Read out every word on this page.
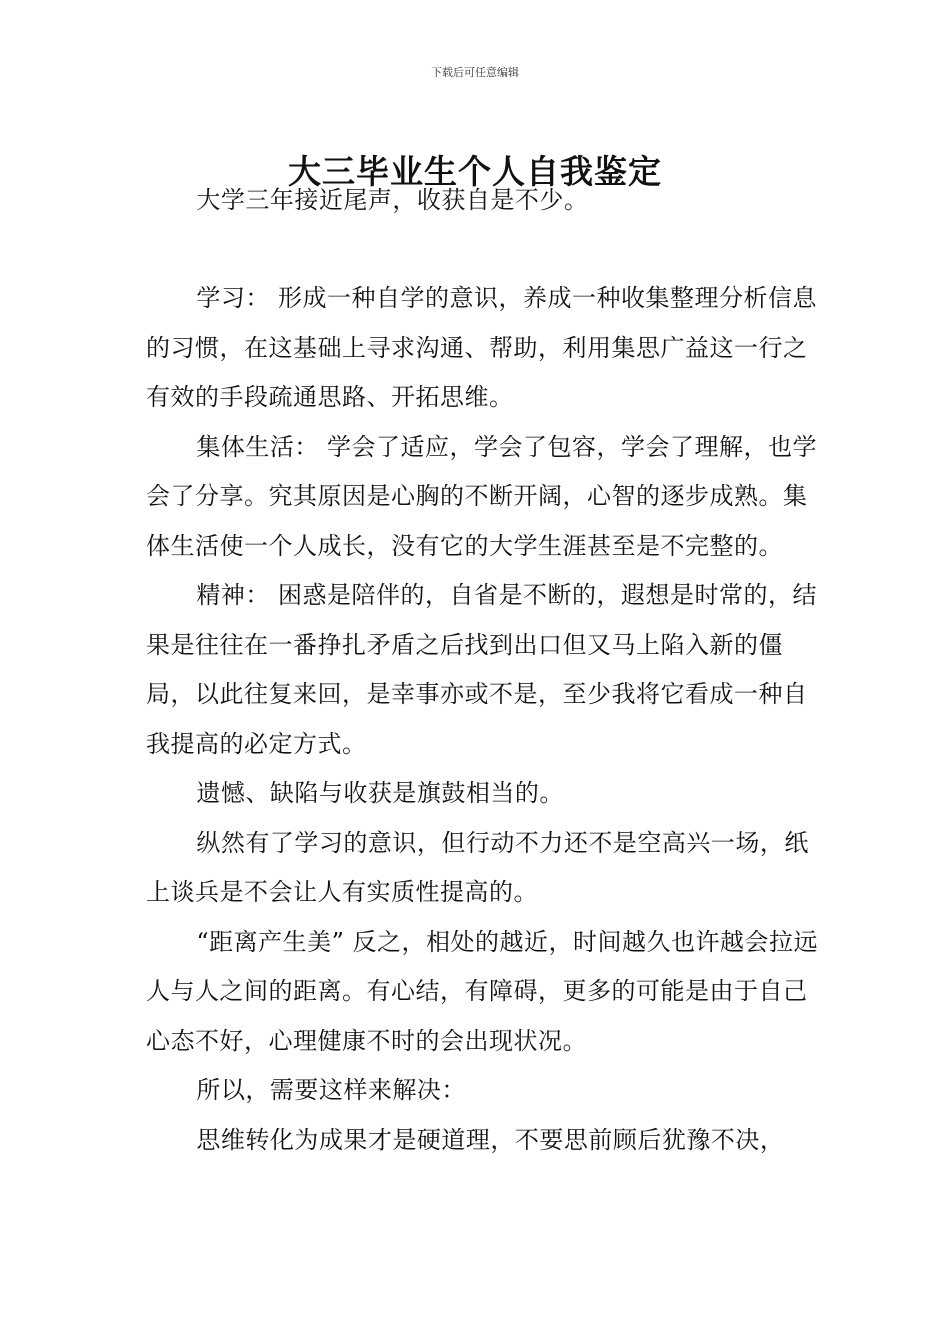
下载后可任意编辑
大三毕业生个人自我鉴定

大学三年接近尾声，收获自是不少。

学习： 形成一种自学的意识，养成一种收集整理分析信息的习惯，在这基础上寻求沟通、帮助，利用集思广益这一行之有效的手段疏通思路、开拓思维。

集体生活： 学会了适应，学会了包容，学会了理解，也学会了分享。究其原因是心胸的不断开阔，心智的逐步成熟。集体生活使一个人成长，没有它的大学生涯甚至是不完整的。

精神： 困惑是陪伴的，自省是不断的，遐想是时常的，结果是往往在一番挣扎矛盾之后找到出口但又马上陷入新的僵局，以此往复来回，是幸事亦或不是，至少我将它看成一种自我提高的必定方式。

遗憾、缺陷与收获是旗鼓相当的。

纵然有了学习的意识，但行动不力还不是空高兴一场，纸上谈兵是不会让人有实质性提高的。

“距离产生美” 反之，相处的越近，时间越久也许越会拉远人与人之间的距离。有心结，有障碍，更多的可能是由于自己心态不好，心理健康不时的会出现状况。

所以，需要这样来解决：

思维转化为成果才是硬道理，不要思前顾后犹豫不决，
